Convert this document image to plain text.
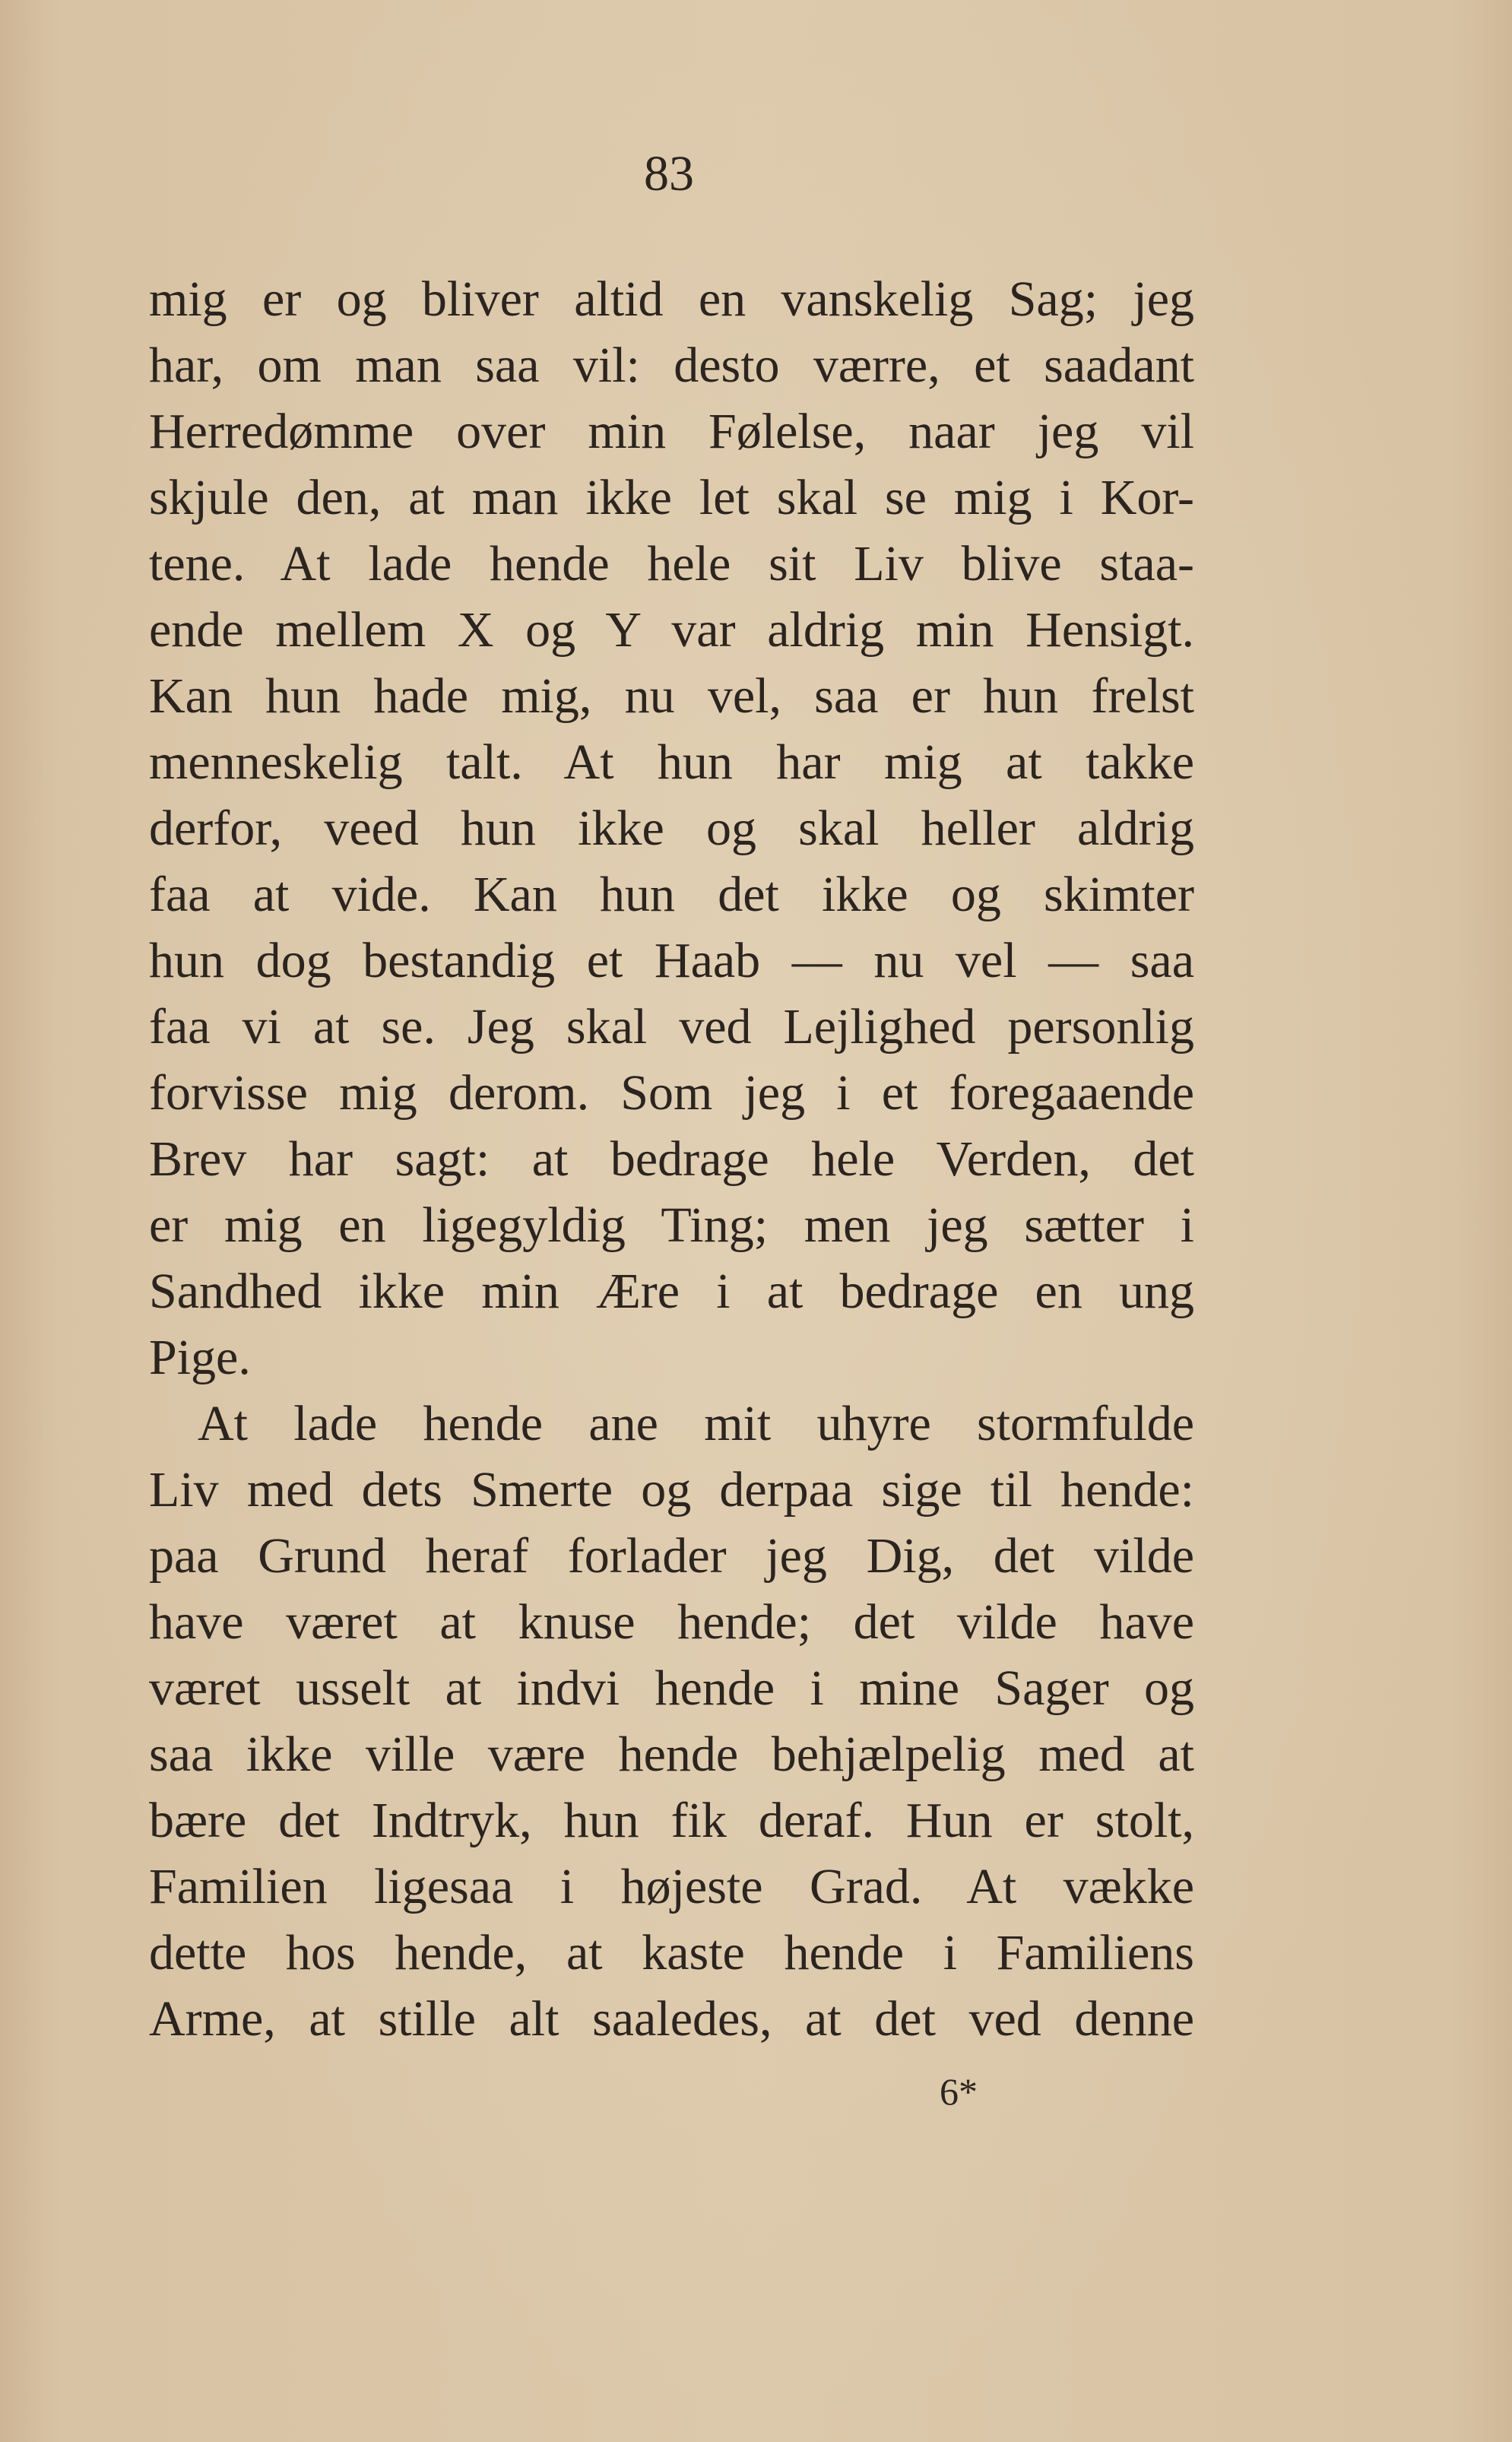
83
mig er og bliver altid en vanskelig Sag; jeg
har, om man saa vil: desto værre, et saadant
Herredømme over min Følelse, naar jeg vil
skjule den, at man ikke let skal se mig i Kor-
tene. At lade hende hele sit Liv blive staa-
ende mellem X og Y var aldrig min Hensigt.
Kan hun hade mig, nu vel, saa er hun frelst
menneskelig talt. At hun har mig at takke
derfor, veed hun ikke og skal heller aldrig
faa at vide. Kan hun det ikke og skimter
hun dog bestandig et Haab — nu vel — saa
faa vi at se. Jeg skal ved Lejlighed personlig
forvisse mig derom. Som jeg i et foregaaende
Brev har sagt: at bedrage hele Verden, det
er mig en ligegyldig Ting; men jeg sætter i
Sandhed ikke min Ære i at bedrage en ung
Pige.
At lade hende ane mit uhyre stormfulde
Liv med dets Smerte og derpaa sige til hende:
paa Grund heraf forlader jeg Dig, det vilde
have været at knuse hende; det vilde have
været usselt at indvi hende i mine Sager og
saa ikke ville være hende behjælpelig med at
bære det Indtryk, hun fik deraf. Hun er stolt,
Familien ligesaa i højeste Grad. At vække
dette hos hende, at kaste hende i Familiens
Arme, at stille alt saaledes, at det ved denne
6*
